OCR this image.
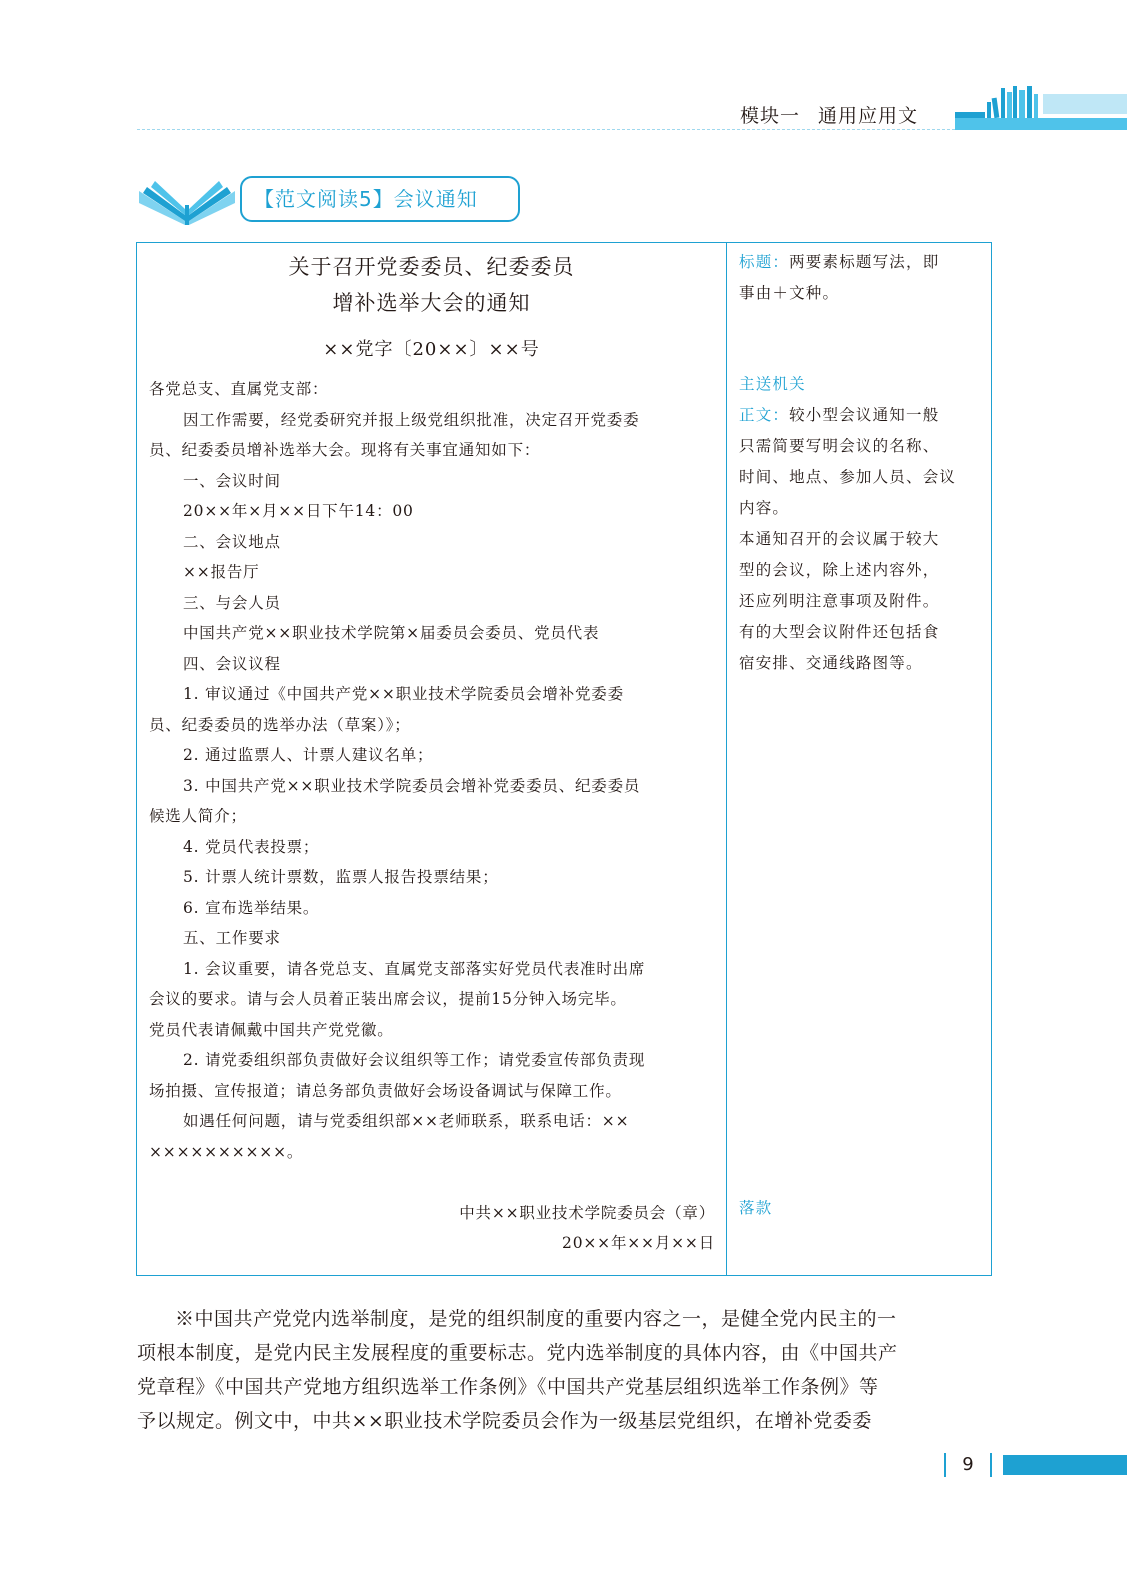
模块一 通用应用文
【范文阅读5】会议通知
关于召开党委委员、纪委委员
增补选举大会的通知
××党字〔20××〕××号
各党总支、直属党支部：
因工作需要，经党委研究并报上级党组织批准，决定召开党委委
员、纪委委员增补选举大会。现将有关事宜通知如下：
一、会议时间
20××年×月××日下午14：00
二、会议地点
××报告厅
三、与会人员
中国共产党××职业技术学院第×届委员会委员、党员代表
四、会议议程
1. 审议通过《中国共产党××职业技术学院委员会增补党委委
员、纪委委员的选举办法（草案）》；
2. 通过监票人、计票人建议名单；
3. 中国共产党××职业技术学院委员会增补党委委员、纪委委员
候选人简介；
4. 党员代表投票；
5. 计票人统计票数，监票人报告投票结果；
6. 宣布选举结果。
五、工作要求
1. 会议重要，请各党总支、直属党支部落实好党员代表准时出席
会议的要求。请与会人员着正装出席会议，提前15分钟入场完毕。
党员代表请佩戴中国共产党党徽。
2. 请党委组织部负责做好会议组织等工作；请党委宣传部负责现
场拍摄、宣传报道；请总务部负责做好会场设备调试与保障工作。
如遇任何问题，请与党委组织部××老师联系，联系电话：××
××××××××××。
中共××职业技术学院委员会（章）
20××年××月××日
标题：两要素标题写法，即
事由＋文种。
主送机关
正文：较小型会议通知一般
只需简要写明会议的名称、
时间、地点、参加人员、会议
内容。
本通知召开的会议属于较大
型的会议，除上述内容外，
还应列明注意事项及附件。
有的大型会议附件还包括食
宿安排、交通线路图等。
落款
※中国共产党党内选举制度，是党的组织制度的重要内容之一，是健全党内民主的一
项根本制度，是党内民主发展程度的重要标志。党内选举制度的具体内容，由《中国共产
党章程》《中国共产党地方组织选举工作条例》《中国共产党基层组织选举工作条例》等
予以规定。例文中，中共××职业技术学院委员会作为一级基层党组织，在增补党委委
9
